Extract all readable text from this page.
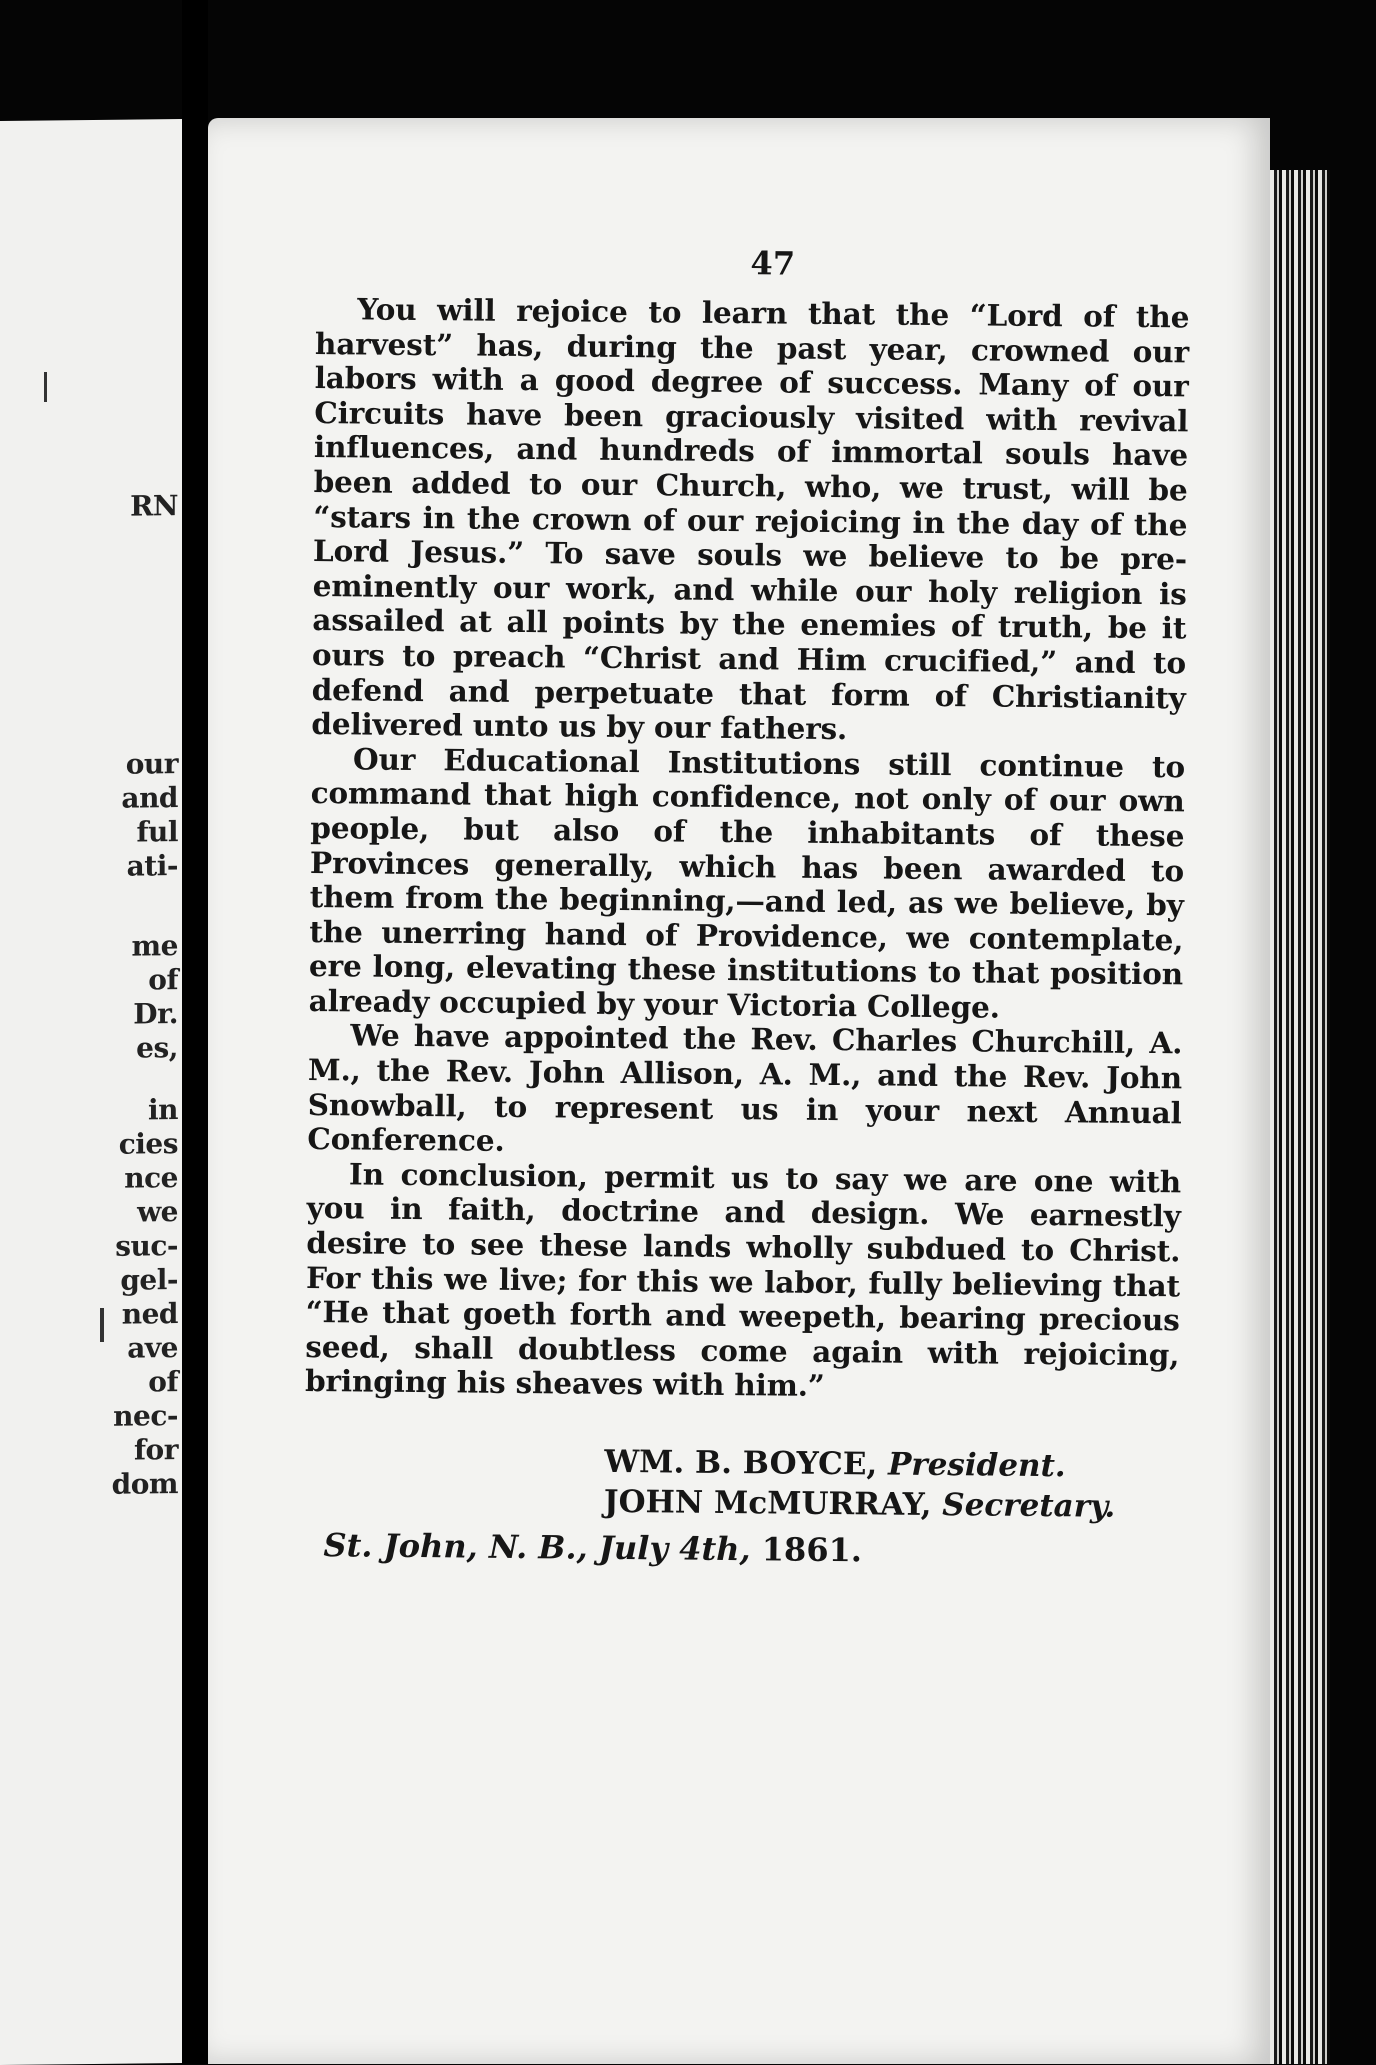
RN
our
and
ful
ati-
me
of
Dr.
es,
in
cies
nce
we
suc-
gel-
ned
ave
of
nec-
for
dom
47

You will rejoice to learn that the “Lord of the harvest” has, during the past year, crowned our labors with a good degree of success. Many of our Circuits have been graciously visited with revival influences, and hundreds of immortal souls have been added to our Church, who, we trust, will be “stars in the crown of our rejoicing in the day of the Lord Jesus.” To save souls we believe to be pre-eminently our work, and while our holy religion is assailed at all points by the enemies of truth, be it ours to preach “Christ and Him crucified,” and to defend and perpetuate that form of Christianity delivered unto us by our fathers.

Our Educational Institutions still continue to command that high confidence, not only of our own people, but also of the inhabitants of these Provinces generally, which has been awarded to them from the beginning,—and led, as we believe, by the unerring hand of Providence, we contemplate, ere long, elevating these institutions to that position already occupied by your Victoria College.

We have appointed the Rev. Charles Churchill, A. M., the Rev. John Allison, A. M., and the Rev. John Snowball, to represent us in your next Annual Conference.

In conclusion, permit us to say we are one with you in faith, doctrine and design. We earnestly desire to see these lands wholly subdued to Christ. For this we live; for this we labor, fully believing that “He that goeth forth and weepeth, bearing precious seed, shall doubtless come again with rejoicing, bringing his sheaves with him.”

WM. B. BOYCE, President.
JOHN McMURRAY, Secretary.
St. John, N. B., July 4th, 1861.
